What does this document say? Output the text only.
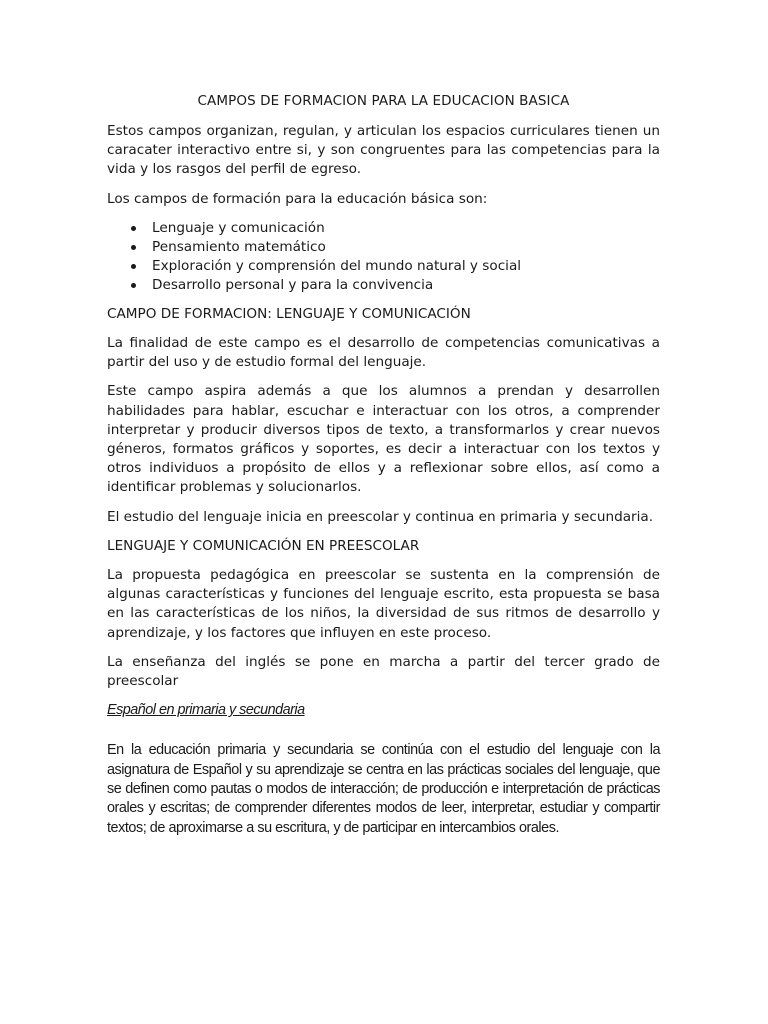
CAMPOS DE FORMACION PARA LA EDUCACION BASICA

Estos campos organizan, regulan, y articulan los espacios curriculares tienen un caracater interactivo entre si, y son congruentes para las competencias para la vida y los rasgos del perfil de egreso.

Los campos de formación para la educación básica son:

Lenguaje y comunicación
Pensamiento matemático
Exploración y comprensión del mundo natural y social
Desarrollo personal y para la convivencia
CAMPO DE FORMACION: LENGUAJE Y COMUNICACIÓN

La finalidad de este campo es el desarrollo de competencias comunicativas a partir del uso y de estudio formal del lenguaje.

Este campo aspira además a que los alumnos a prendan y desarrollen habilidades para hablar, escuchar e interactuar con los otros, a comprender interpretar y producir diversos tipos de texto, a transformarlos y crear nuevos géneros, formatos gráficos y soportes, es decir a interactuar con los textos y otros individuos a propósito de ellos y a reflexionar sobre ellos, así como a identificar problemas y solucionarlos.

El estudio del lenguaje inicia en preescolar y continua en primaria y secundaria.

LENGUAJE Y COMUNICACIÓN EN PREESCOLAR

La propuesta pedagógica en preescolar se sustenta en la comprensión de algunas características y funciones del lenguaje escrito, esta propuesta se basa en las características de los niños, la diversidad de sus ritmos de desarrollo y aprendizaje, y los factores que influyen en este proceso.

La enseñanza del inglés se pone en marcha a partir del tercer grado de preescolar

Español en primaria y secundaria

En la educación primaria y secundaria se continúa con el estudio del lenguaje con la asignatura de Español y su aprendizaje se centra en las prácticas sociales del lenguaje, que se definen como pautas o modos de interacción; de producción e interpretación de prácticas orales y escritas; de comprender diferentes modos de leer, interpretar, estudiar y compartir textos; de aproximarse a su escritura, y de participar en intercambios orales.
